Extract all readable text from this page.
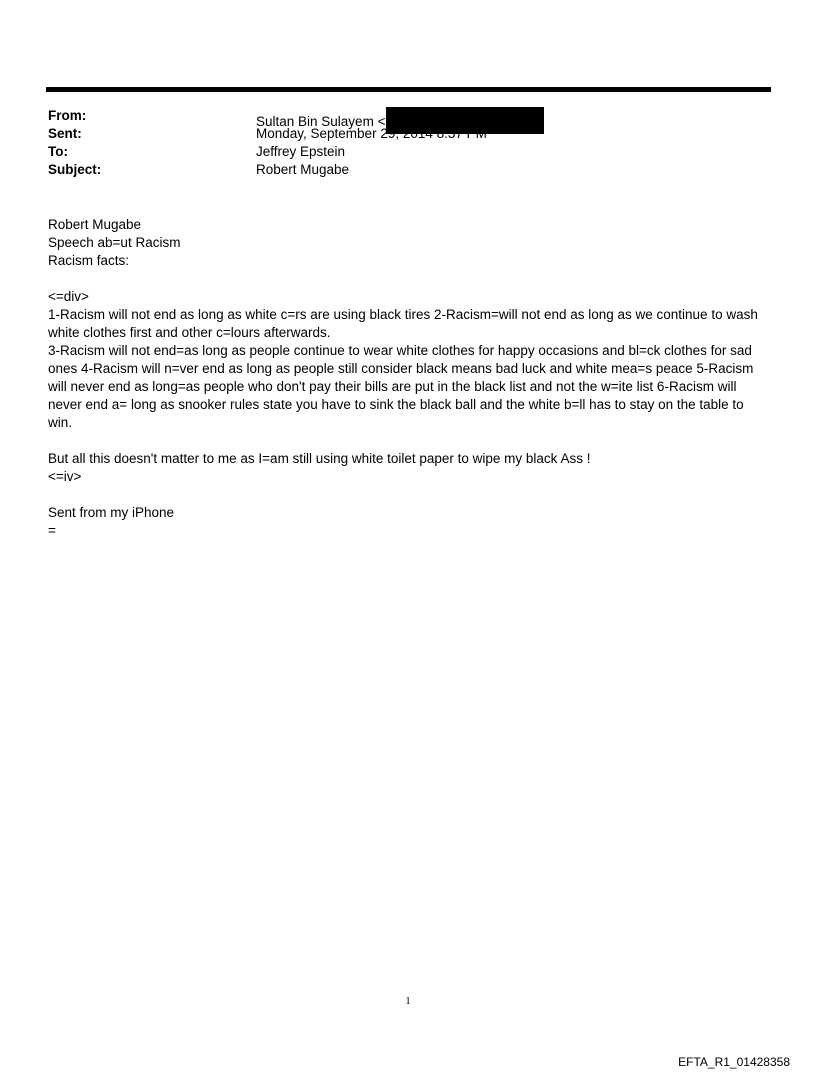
From:	Sultan Bin Sulayem <
Sent:	Monday, September 29, 2014 8:37 PM
To:	Jeffrey Epstein
Subject:	Robert Mugabe

Robert Mugabe

Speech ab=ut Racism

Racism facts:

<=div>

1-Racism will not end as long as white c=rs are using black tires 2-Racism=will not end as long as we continue to wash white clothes first and other c=lours afterwards.

3-Racism will not end=as long as people continue to wear white clothes for happy occasions and bl=ck clothes for sad ones 4-Racism will n=ver end as long as people still consider black means bad luck and white mea=s peace 5-Racism will never end as long=as people who don't pay their bills are put in the black list and not the w=ite list 6-Racism will never end a= long as snooker rules state you have to sink the black ball and the white b=ll has to stay on the table to win.

But all this doesn't matter to me as I=am still using white toilet paper to wipe my black Ass !

<=iv>

Sent from my iPhone

=

1
EFTA_R1_01428358
